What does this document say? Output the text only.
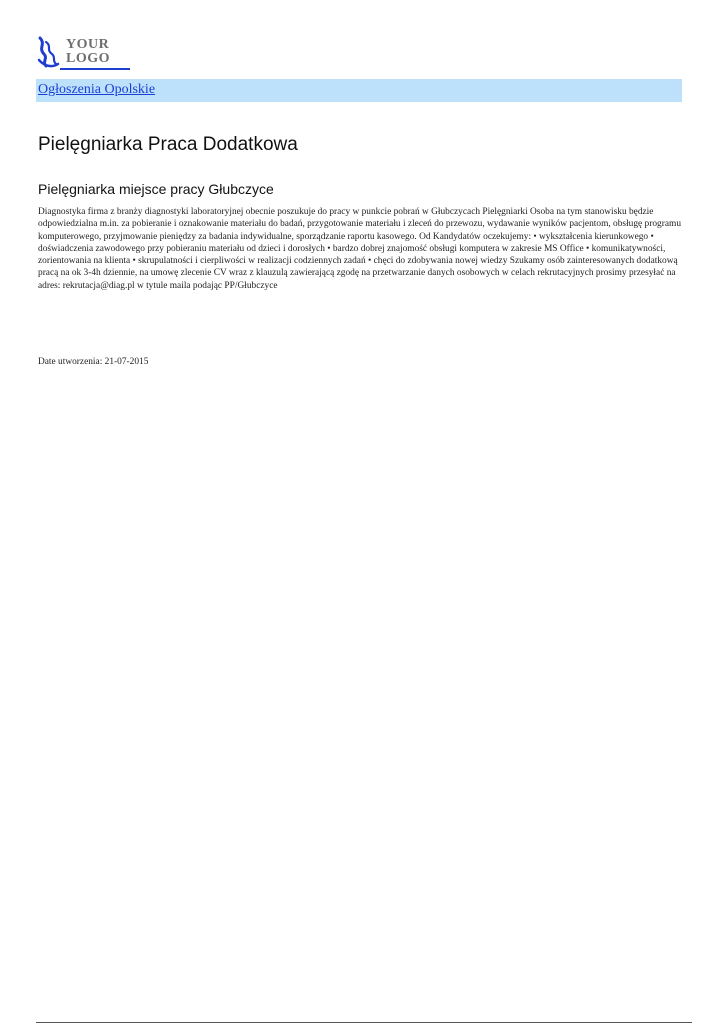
YOUR
LOGO
Ogłoszenia Opolskie
Pielęgniarka Praca Dodatkowa
Pielęgniarka miejsce pracy Głubczyce

Diagnostyka firma z branży diagnostyki laboratoryjnej obecnie poszukuje do pracy w punkcie pobrań w Głubczycach Pielęgniarki Osoba na tym stanowisku będzie odpowiedzialna m.in. za pobieranie i oznakowanie materiału do badań, przygotowanie materiału i zleceń do przewozu, wydawanie wyników pacjentom, obsługę programu komputerowego, przyjmowanie pieniędzy za badania indywidualne, sporządzanie raportu kasowego. Od Kandydatów oczekujemy: • wykształcenia kierunkowego • doświadczenia zawodowego przy pobieraniu materiału od dzieci i dorosłych • bardzo dobrej znajomość obsługi komputera w zakresie MS Office • komunikatywności, zorientowania na klienta • skrupulatności i cierpliwości w realizacji codziennych zadań • chęci do zdobywania nowej wiedzy Szukamy osób zainteresowanych dodatkową pracą na ok 3-4h dziennie, na umowę zlecenie CV wraz z klauzulą zawierającą zgodę na przetwarzanie danych osobowych w celach rekrutacyjnych prosimy przesyłać na adres: rekrutacja@diag.pl w tytule maila podając PP/Głubczyce

Date utworzenia: 21-07-2015
